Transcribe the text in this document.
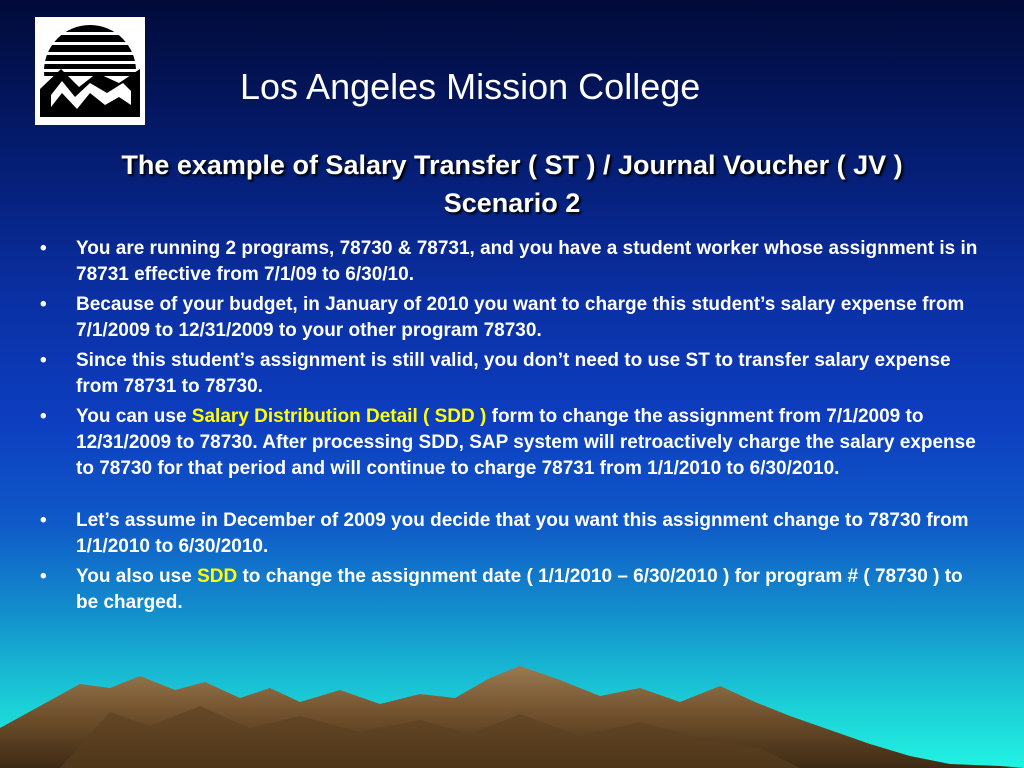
Los Angeles Mission College
The example of Salary Transfer ( ST ) / Journal Voucher ( JV )
Scenario 2
• You are running 2 programs, 78730 & 78731, and you have a student worker whose assignment is in 78731 effective from 7/1/09 to 6/30/10.
• Because of your budget, in January of 2010 you want to charge this student’s salary expense from 7/1/2009 to 12/31/2009 to your other program 78730.
• Since this student’s assignment is still valid, you don’t need to use ST to transfer salary expense from 78731 to 78730.
• You can use Salary Distribution Detail ( SDD ) form to change the assignment from 7/1/2009 to 12/31/2009 to 78730. After processing SDD, SAP system will retroactively charge the salary expense to 78730 for that period and will continue to charge 78731 from 1/1/2010 to 6/30/2010.
• Let’s assume in December of 2009 you decide that you want this assignment change to 78730 from 1/1/2010 to 6/30/2010.
• You also use SDD to change the assignment date ( 1/1/2010 – 6/30/2010 ) for program # ( 78730 ) to be charged.
